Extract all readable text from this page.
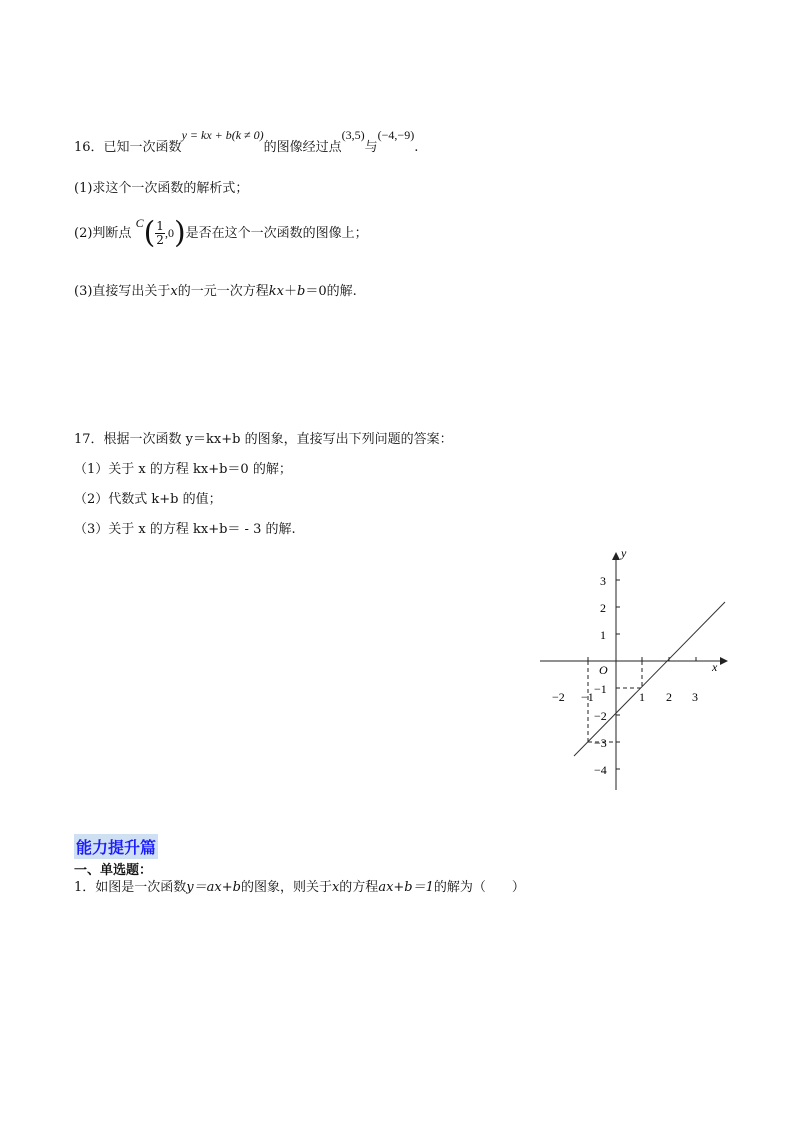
16．已知一次函数y = kx + b(k ≠ 0)的图像经过点(3,5)与(−4,−9).
(1)求这个一次函数的解析式；
(2)判断点 $C( \frac{1}{2} ,0)$是否在这个一次函数的图像上；
(3)直接写出关于x的一元一次方程kx＋b＝0的解.
17．根据一次函数 y＝kx+b 的图象，直接写出下列问题的答案：
（1）关于 x 的方程 kx+b＝0 的解；
（2）代数式 k+b 的值；
（3）关于 x 的方程 kx+b＝ - 3 的解.
x
y
O
−2 −1	1 2 3
3
2
1
−1
−2
−3
−4
能力提升篇
一、单选题：
1．如图是一次函数y＝ax+b的图象，则关于x的方程ax+b＝1的解为（　　）
